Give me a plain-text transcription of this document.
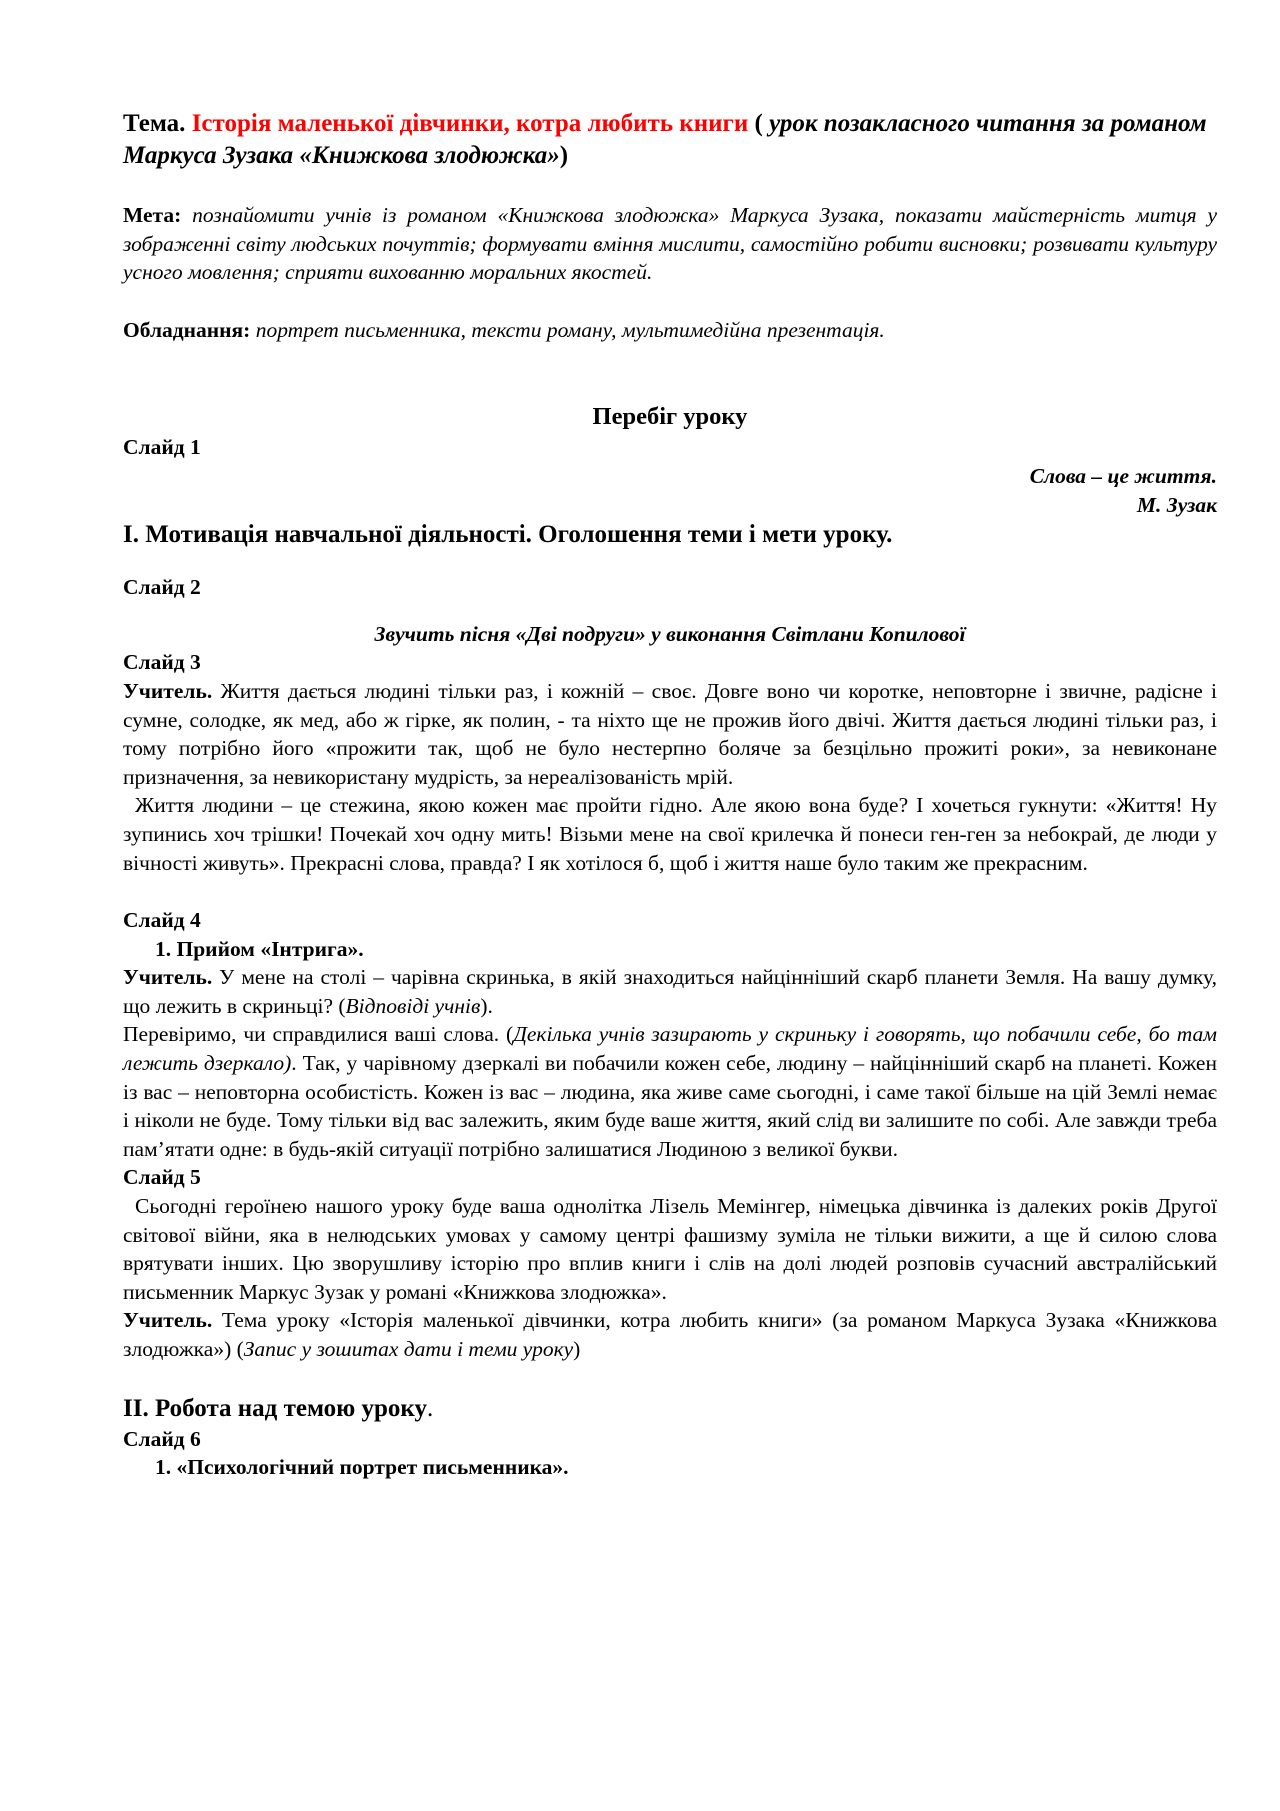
Тема. Історія маленької дівчинки, котра любить книги ( урок позакласного читання за романом Маркуса Зузака «Книжкова злодюжка»)

Мета: познайомити учнів із романом «Книжкова злодюжка» Маркуса Зузака, показати майстерність митця у зображенні світу людських почуттів; формувати вміння мислити, самостійно робити висновки; розвивати культуру усного мовлення; сприяти вихованню моральних якостей.

Обладнання: портрет письменника, тексти роману, мультимедійна презентація.

Перебіг уроку

Слайд 1

Слова – це життя.

М. Зузак

І. Мотивація навчальної діяльності. Оголошення теми і мети уроку.

Слайд 2

Звучить пісня «Дві подруги» у виконання Світлани Копилової

Слайд 3

Учитель. Життя дається людині тільки раз, і кожній – своє. Довге воно чи коротке, неповторне і звичне, радісне і сумне, солодке, як мед, або ж гірке, як полин, - та ніхто ще не прожив його двічі. Життя дається людині тільки раз, і тому потрібно його «прожити так, щоб не було нестерпно боляче за безцільно прожиті роки», за невиконане призначення, за невикористану мудрість, за нереалізованість мрій.

Життя людини – це стежина, якою кожен має пройти гідно. Але якою вона буде? І хочеться гукнути: «Життя! Ну зупинись хоч трішки! Почекай хоч одну мить! Візьми мене на свої крилечка й понеси ген-ген за небокрай, де люди у вічності живуть». Прекрасні слова, правда? І як хотілося б, щоб і життя наше було таким же прекрасним.

Слайд 4

1. Прийом «Інтрига».

Учитель. У мене на столі – чарівна скринька, в якій знаходиться найцінніший скарб планети Земля. На вашу думку, що лежить в скриньці? (Відповіді учнів).

Перевіримо, чи справдилися ваші слова. (Декілька учнів зазирають у скриньку і говорять, що побачили себе, бо там лежить дзеркало). Так, у чарівному дзеркалі ви побачили кожен себе, людину – найцінніший скарб на планеті. Кожен із вас – неповторна особистість. Кожен із вас – людина, яка живе саме сьогодні, і саме такої більше на цій Землі немає і ніколи не буде. Тому тільки від вас залежить, яким буде ваше життя, який слід ви залишите по собі. Але завжди треба пам’ятати одне: в будь-якій ситуації потрібно залишатися Людиною з великої букви.

Слайд 5

Сьогодні героїнею нашого уроку буде ваша однолітка Лізель Мемінгер, німецька дівчинка із далеких років Другої світової війни, яка в нелюдських умовах у самому центрі фашизму зуміла не тільки вижити, а ще й силою слова врятувати інших. Цю зворушливу історію про вплив книги і слів на долі людей розповів сучасний австралійський письменник Маркус Зузак у романі «Книжкова злодюжка».

Учитель. Тема уроку «Історія маленької дівчинки, котра любить книги» (за романом Маркуса Зузака «Книжкова злодюжка») (Запис у зошитах дати і теми уроку)

ІІ. Робота над темою уроку.

Слайд 6

1. «Психологічний портрет письменника».
